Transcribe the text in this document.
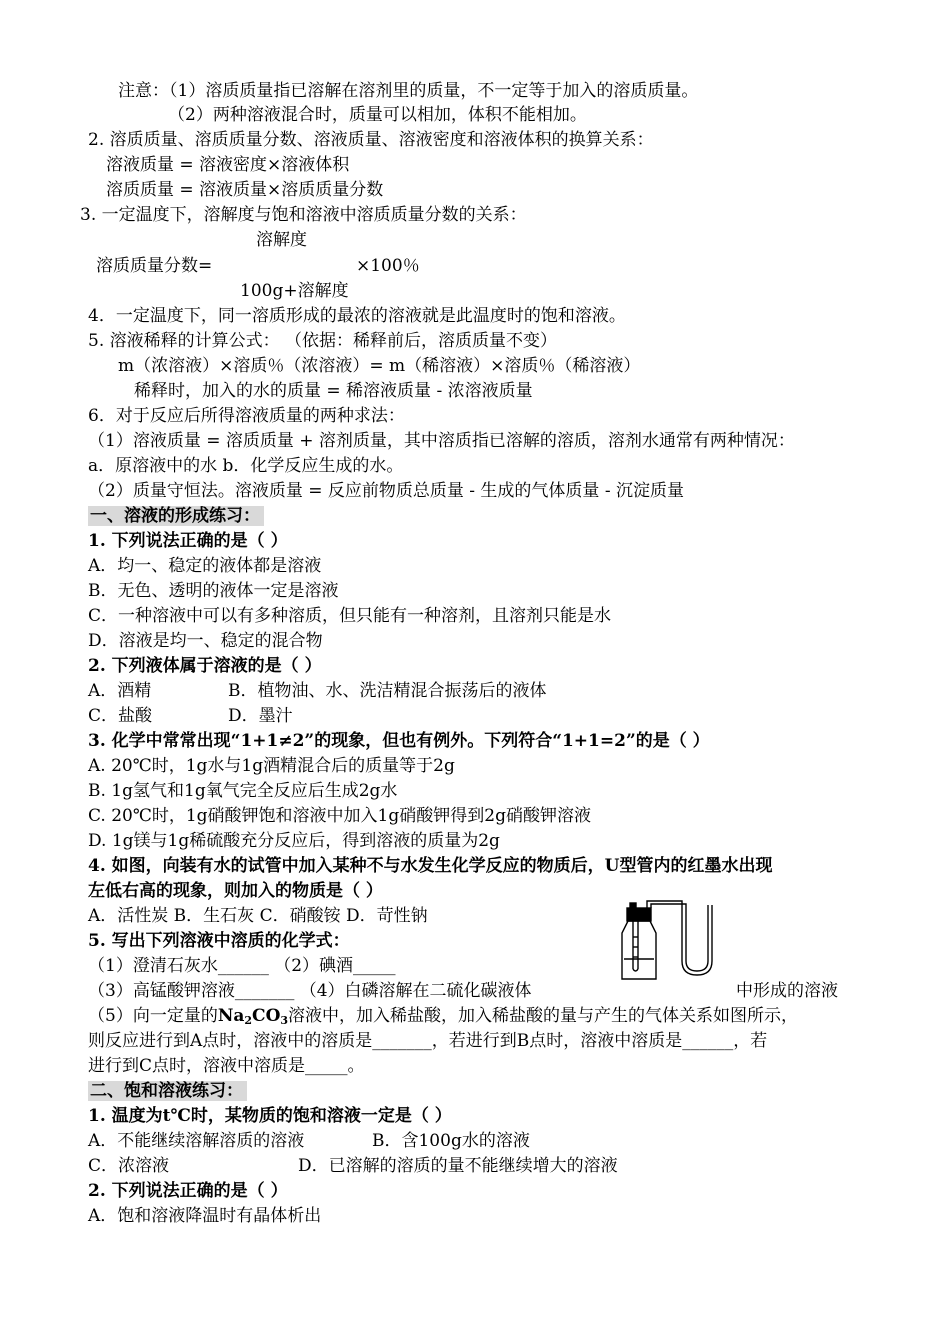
注意：（1）溶质质量指已溶解在溶剂里的质量，不一定等于加入的溶质质量。
（2）两种溶液混合时，质量可以相加，体积不能相加。
2. 溶质质量、溶质质量分数、溶液质量、溶液密度和溶液体积的换算关系：
溶液质量 = 溶液密度×溶液体积
溶质质量 = 溶液质量×溶质质量分数
3. 一定温度下，溶解度与饱和溶液中溶质质量分数的关系：
溶解度
溶质质量分数=	×100％
100g+溶解度
4．一定温度下，同一溶质形成的最浓的溶液就是此温度时的饱和溶液。
5. 溶液稀释的计算公式： （依据：稀释前后，溶质质量不变）
m（浓溶液）×溶质％（浓溶液）= m（稀溶液）×溶质％（稀溶液）
稀释时，加入的水的质量 = 稀溶液质量 - 浓溶液质量
6．对于反应后所得溶液质量的两种求法：
（1）溶液质量 = 溶质质量 + 溶剂质量，其中溶质指已溶解的溶质，溶剂水通常有两种情况：
a．原溶液中的水 b．化学反应生成的水。
（2）质量守恒法。溶液质量 = 反应前物质总质量 - 生成的气体质量 - 沉淀质量
一、溶液的形成练习：
1. 下列说法正确的是（ ）
A．均一、稳定的液体都是溶液
B．无色、透明的液体一定是溶液
C．一种溶液中可以有多种溶质，但只能有一种溶剂，且溶剂只能是水
D．溶液是均一、稳定的混合物
2. 下列液体属于溶液的是（ ）
A．酒精	B．植物油、水、洗洁精混合振荡后的液体
C．盐酸	D．墨汁
3. 化学中常常出现“1+1≠2”的现象，但也有例外。下列符合“1+1=2”的是（ ）
A. 20℃时，1g水与1g酒精混合后的质量等于2g
B. 1g氢气和1g氧气完全反应后生成2g水
C. 20℃时，1g硝酸钾饱和溶液中加入1g硝酸钾得到2g硝酸钾溶液
D. 1g镁与1g稀硫酸充分反应后，得到溶液的质量为2g
4. 如图，向装有水的试管中加入某种不与水发生化学反应的物质后，U型管内的红墨水出现
左低右高的现象，则加入的物质是（ ）
A．活性炭 B．生石灰 C．硝酸铵 D．苛性钠
5. 写出下列溶液中溶质的化学式：
（1）澄清石灰水______ （2）碘酒_____
（3）高锰酸钾溶液_______ （4）白磷溶解在二硫化碳液体	中形成的溶液
（5）向一定量的$Na_2CO_3$溶液中，加入稀盐酸，加入稀盐酸的量与产生的气体关系如图所示，
则反应进行到A点时，溶液中的溶质是_______，若进行到B点时，溶液中溶质是______，若
进行到C点时，溶液中溶质是_____。
二、饱和溶液练习：
1. 温度为t℃时，某物质的饱和溶液一定是（ ）
A．不能继续溶解溶质的溶液	B．含100g水的溶液
C．浓溶液	D．已溶解的溶质的量不能继续增大的溶液
2. 下列说法正确的是（ ）
A．饱和溶液降温时有晶体析出
